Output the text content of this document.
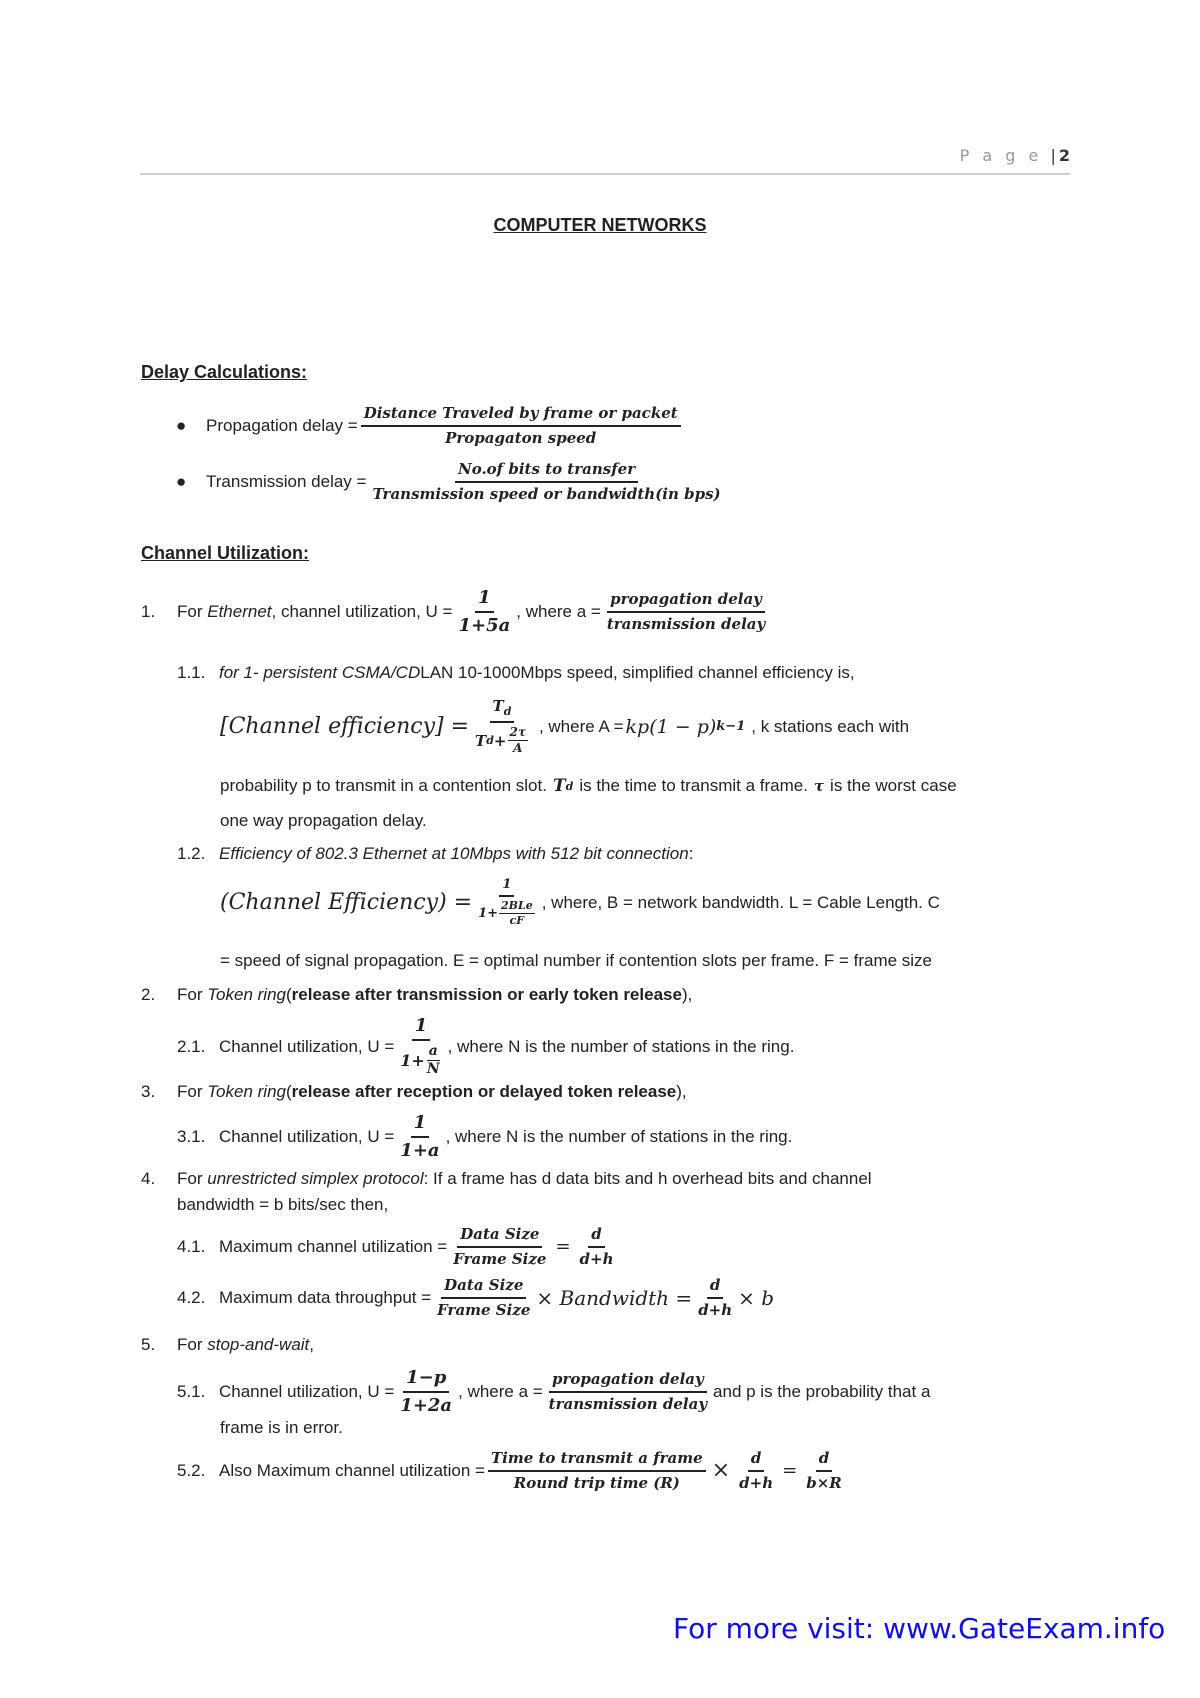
P a g e | 2
COMPUTER NETWORKS
Delay Calculations:
● Propagation delay = $\frac{\text{Distance Traveled by frame or packet}}{\text{Propagaton speed}}$
● Transmission delay = $\frac{\text{No.of bits to transfer}}{\text{Transmission speed or bandwidth(in bps)}}$
Channel Utilization:
1.	For
Ethernet , channel utilization, $U = \frac{1}{1+5a}$ , where $a = \frac{\text{propagation delay}}{\text{transmission delay}}$
1.1. for 1- persistent CSMA/CD LAN 10-1000Mbps speed, simplified channel efficiency is,
[Channel efficiency] = $\frac{T_d}{T d + \frac{2\tau}{A}}$ , where A = kp(1 − p) k−1 , k stations each with
probability p to transmit in a contention slot. T d is the time to transmit a frame. τ is the worst case
one way propagation delay.
1.2. Efficiency of 802.3 Ethernet at 10Mbps with 512 bit connection :
(Channel Efficiency) = $\frac{1}{1+ \frac{\text{2BLe}}{cF}}$ , where, B = network bandwidth. L = Cable Length. C
= speed of signal propagation. E = optimal number if contention slots per frame. F = frame size
2.	For
Token ring ( release after transmission or early token release ),
2.1. Channel utilization, $U = \frac{1}{1+ \frac{a}{N}}$ , where N is the number of stations in the ring.
3.	For
Token ring ( release after reception or delayed token release ),
3.1. Channel utilization, $U = \frac{1}{1+a}$ , where N is the number of stations in the ring.
4.	For
unrestricted simplex protocol : If a frame has d data bits and h overhead bits and channel
bandwidth = b bits/sec then,
4.1. Maximum channel utilization = $\frac{\text{Data Size}}{\text{Frame Size}} = \frac{d}{d+h}$
4.2. Maximum data throughput = $\frac{\text{Data Size}}{\text{Frame Size}}$ × Bandwidth = $\frac{d}{d+h} \times b$
5.	For
stop-and-wait ,
5.1. Channel utilization, $U = \frac{1-p}{1+2a}$ , where $a = \frac{\text{propagation delay}}{\text{transmission delay}}$ and p is the probability that a
frame is in error.
5.2. Also Maximum channel utilization = $\frac{\text{Time to transmit a frame}}{\text{Round trip time (R)}} \times \frac{d}{d+h} = \frac{d}{b\times R}$
For more visit: www.GateExam.info
